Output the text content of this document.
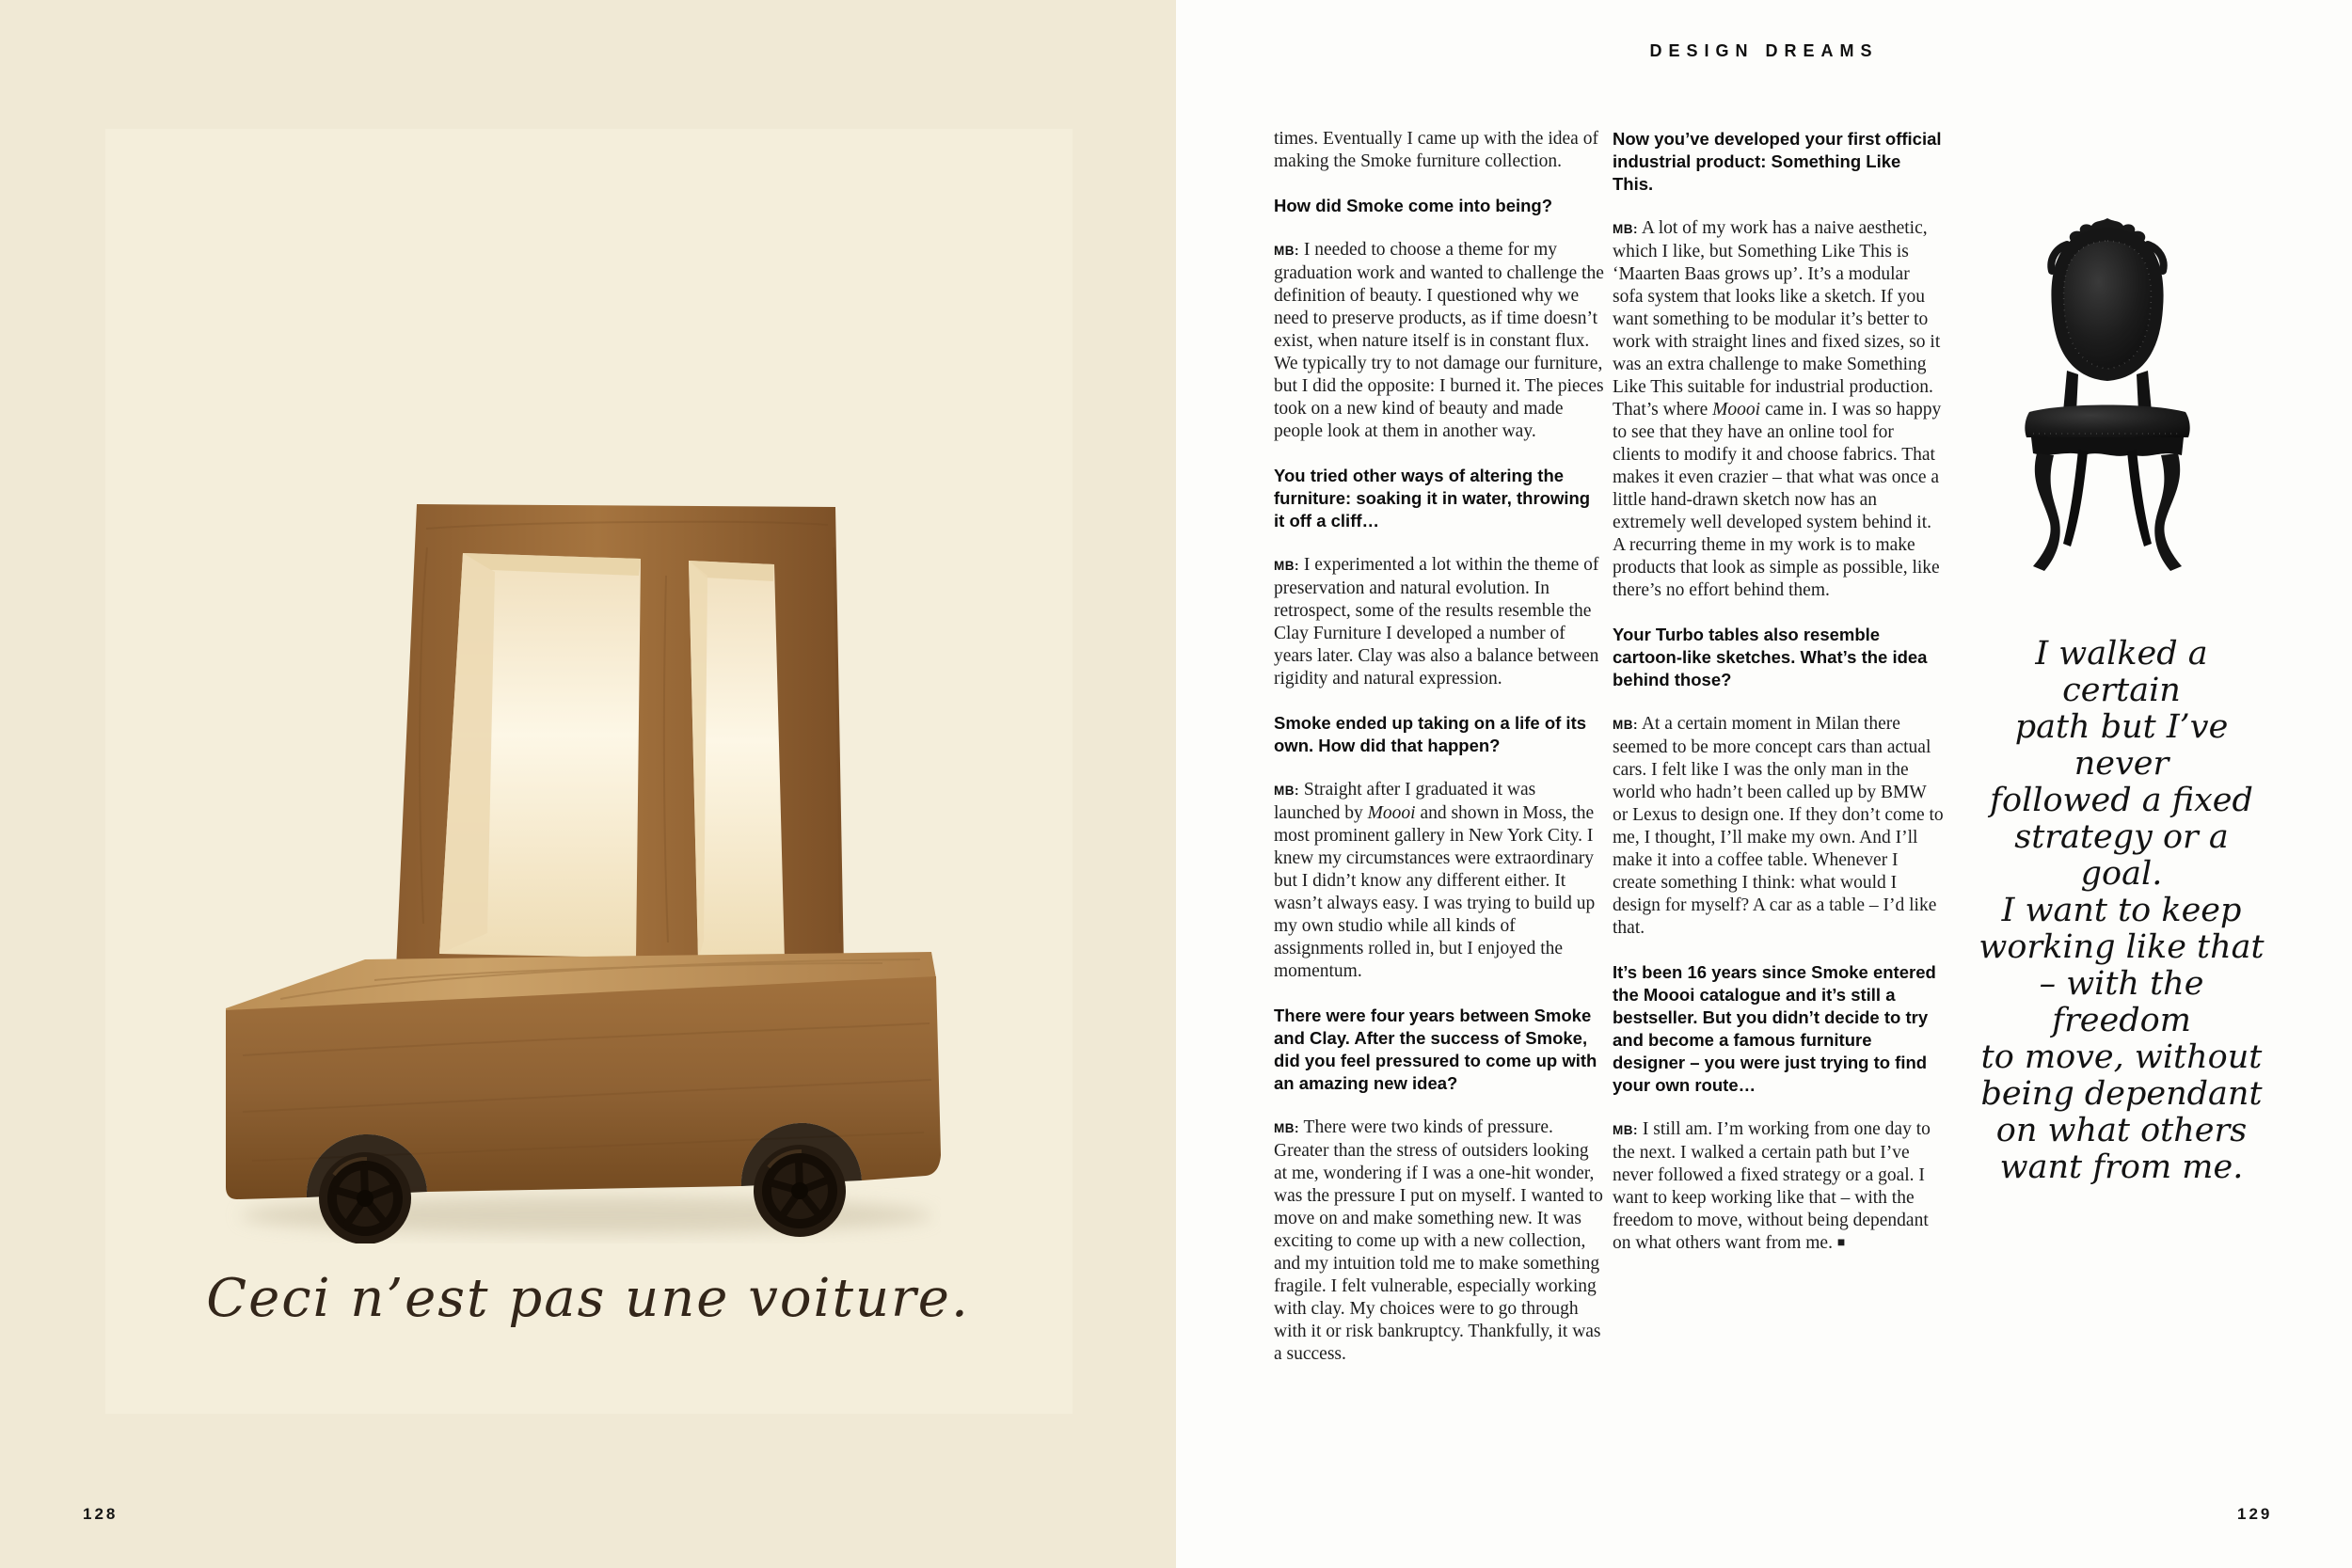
Ceci n’est pas une voiture.
DESIGN DREAMS

times. Eventually I came up with the idea of making the Smoke furniture collection.

How did Smoke come into being?

MB: I needed to choose a theme for my graduation work and wanted to challenge the definition of beauty. I questioned why we need to preserve products, as if time doesn’t exist, when nature itself is in constant flux. We typically try to not damage our furniture, but I did the opposite: I burned it. The pieces took on a new kind of beauty and made people look at them in another way.

You tried other ways of altering the furniture: soaking it in water, throwing it off a cliff…

MB: I experimented a lot within the theme of preservation and natural evolution. In retrospect, some of the results resemble the Clay Furniture I developed a number of years later. Clay was also a balance between rigidity and natural expression.

Smoke ended up taking on a life of its own. How did that happen?

MB: Straight after I graduated it was launched by Moooi and shown in Moss, the most prominent gallery in New York City. I knew my circumstances were extraordinary but I didn’t know any different either. It wasn’t always easy. I was trying to build up my own studio while all kinds of assignments rolled in, but I enjoyed the momentum.

There were four years between Smoke and Clay. After the success of Smoke, did you feel pressured to come up with an amazing new idea?

MB: There were two kinds of pressure. Greater than the stress of outsiders looking at me, wondering if I was a one-hit wonder, was the pressure I put on myself. I wanted to move on and make something new. It was exciting to come up with a new collection, and my intuition told me to make something fragile. I felt vulnerable, especially working with clay. My choices were to go through with it or risk bankruptcy. Thankfully, it was a success.

Now you’ve developed your first official industrial product: Something Like This.

MB: A lot of my work has a naive aesthetic, which I like, but Something Like This is ‘Maarten Baas grows up’. It’s a modular sofa system that looks like a sketch. If you want something to be modular it’s better to work with straight lines and fixed sizes, so it was an extra challenge to make Something Like This suitable for industrial production. That’s where Moooi came in. I was so happy to see that they have an online tool for clients to modify it and choose fabrics. That makes it even crazier – that what was once a little hand-drawn sketch now has an extremely well developed system behind it. A recurring theme in my work is to make products that look as simple as possible, like there’s no effort behind them.

Your Turbo tables also resemble cartoon-like sketches. What’s the idea behind those?

MB: At a certain moment in Milan there seemed to be more concept cars than actual cars. I felt like I was the only man in the world who hadn’t been called up by BMW or Lexus to design one. If they don’t come to me, I thought, I’ll make my own. And I’ll make it into a coffee table. Whenever I create something I think: what would I design for myself? A car as a table – I’d like that.

It’s been 16 years since Smoke entered the Moooi catalogue and it’s still a bestseller. But you didn’t decide to try and become a famous furniture designer – you were just trying to find your own route…

MB: I still am. I’m working from one day to the next. I walked a certain path but I’ve never followed a fixed strategy or a goal. I want to keep working like that – with the freedom to move, without being dependant on what others want from me. ■

I walked a certain
path but I’ve never
followed a fixed
strategy or a goal.
I want to keep
working like that
– with the freedom
to move, without
being dependant
on what others
want from me.
128	129
